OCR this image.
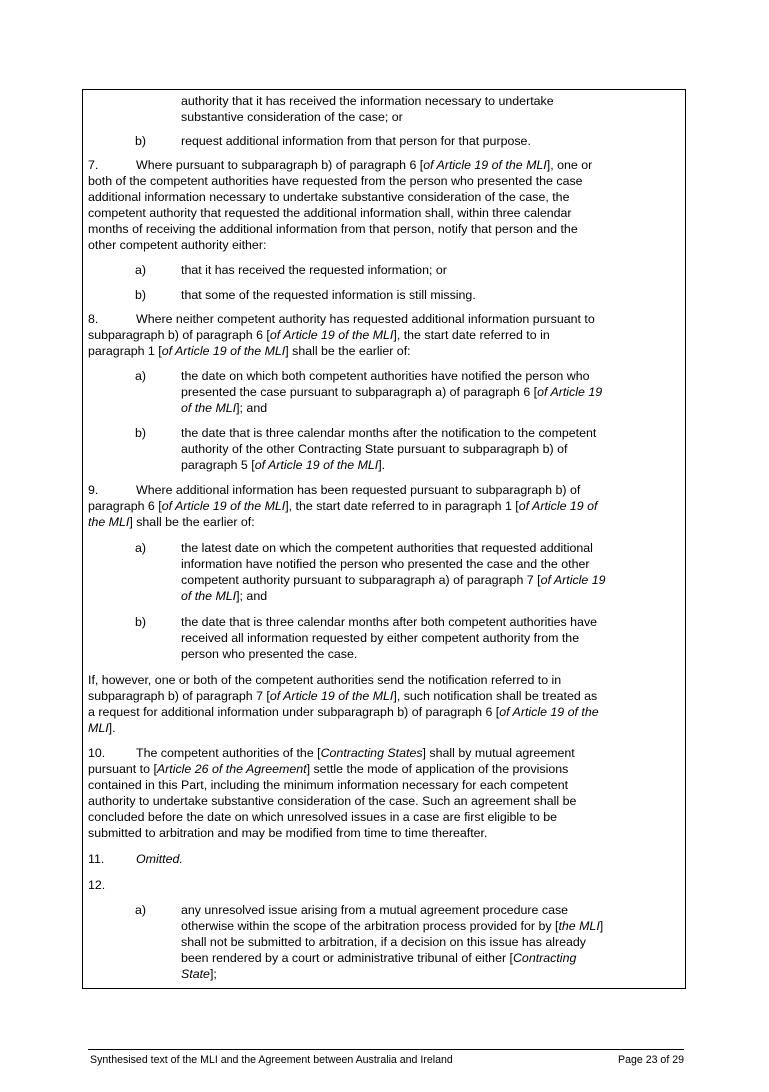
authority that it has received the information necessary to undertake
substantive consideration of the case; or
b)	request additional information from that person for that purpose.
7.	Where pursuant to subparagraph b) of paragraph 6 [of Article 19 of the MLI], one or
both of the competent authorities have requested from the person who presented the case
additional information necessary to undertake substantive consideration of the case, the
competent authority that requested the additional information shall, within three calendar
months of receiving the additional information from that person, notify that person and the
other competent authority either:
a)	that it has received the requested information; or
b)	that some of the requested information is still missing.
8.	Where neither competent authority has requested additional information pursuant to
subparagraph b) of paragraph 6 [of Article 19 of the MLI], the start date referred to in
paragraph 1 [of Article 19 of the MLI] shall be the earlier of:
a)	the date on which both competent authorities have notified the person who
presented the case pursuant to subparagraph a) of paragraph 6 [of Article 19
of the MLI]; and
b)	the date that is three calendar months after the notification to the competent
authority of the other Contracting State pursuant to subparagraph b) of
paragraph 5 [of Article 19 of the MLI].
9.	Where additional information has been requested pursuant to subparagraph b) of
paragraph 6 [of Article 19 of the MLI], the start date referred to in paragraph 1 [of Article 19 of
the MLI] shall be the earlier of:
a)	the latest date on which the competent authorities that requested additional
information have notified the person who presented the case and the other
competent authority pursuant to subparagraph a) of paragraph 7 [of Article 19
of the MLI]; and
b)	the date that is three calendar months after both competent authorities have
received all information requested by either competent authority from the
person who presented the case.
If, however, one or both of the competent authorities send the notification referred to in
subparagraph b) of paragraph 7 [of Article 19 of the MLI], such notification shall be treated as
a request for additional information under subparagraph b) of paragraph 6 [of Article 19 of the
MLI].
10. The competent authorities of the [Contracting States] shall by mutual agreement
pursuant to [Article 26 of the Agreement] settle the mode of application of the provisions
contained in this Part, including the minimum information necessary for each competent
authority to undertake substantive consideration of the case. Such an agreement shall be
concluded before the date on which unresolved issues in a case are first eligible to be
submitted to arbitration and may be modified from time to time thereafter.
11.	Omitted.
12.
a)	any unresolved issue arising from a mutual agreement procedure case
otherwise within the scope of the arbitration process provided for by [the MLI]
shall not be submitted to arbitration, if a decision on this issue has already
been rendered by a court or administrative tribunal of either [Contracting
State];
Synthesised text of the MLI and the Agreement between Australia and Ireland	Page 23 of 29
